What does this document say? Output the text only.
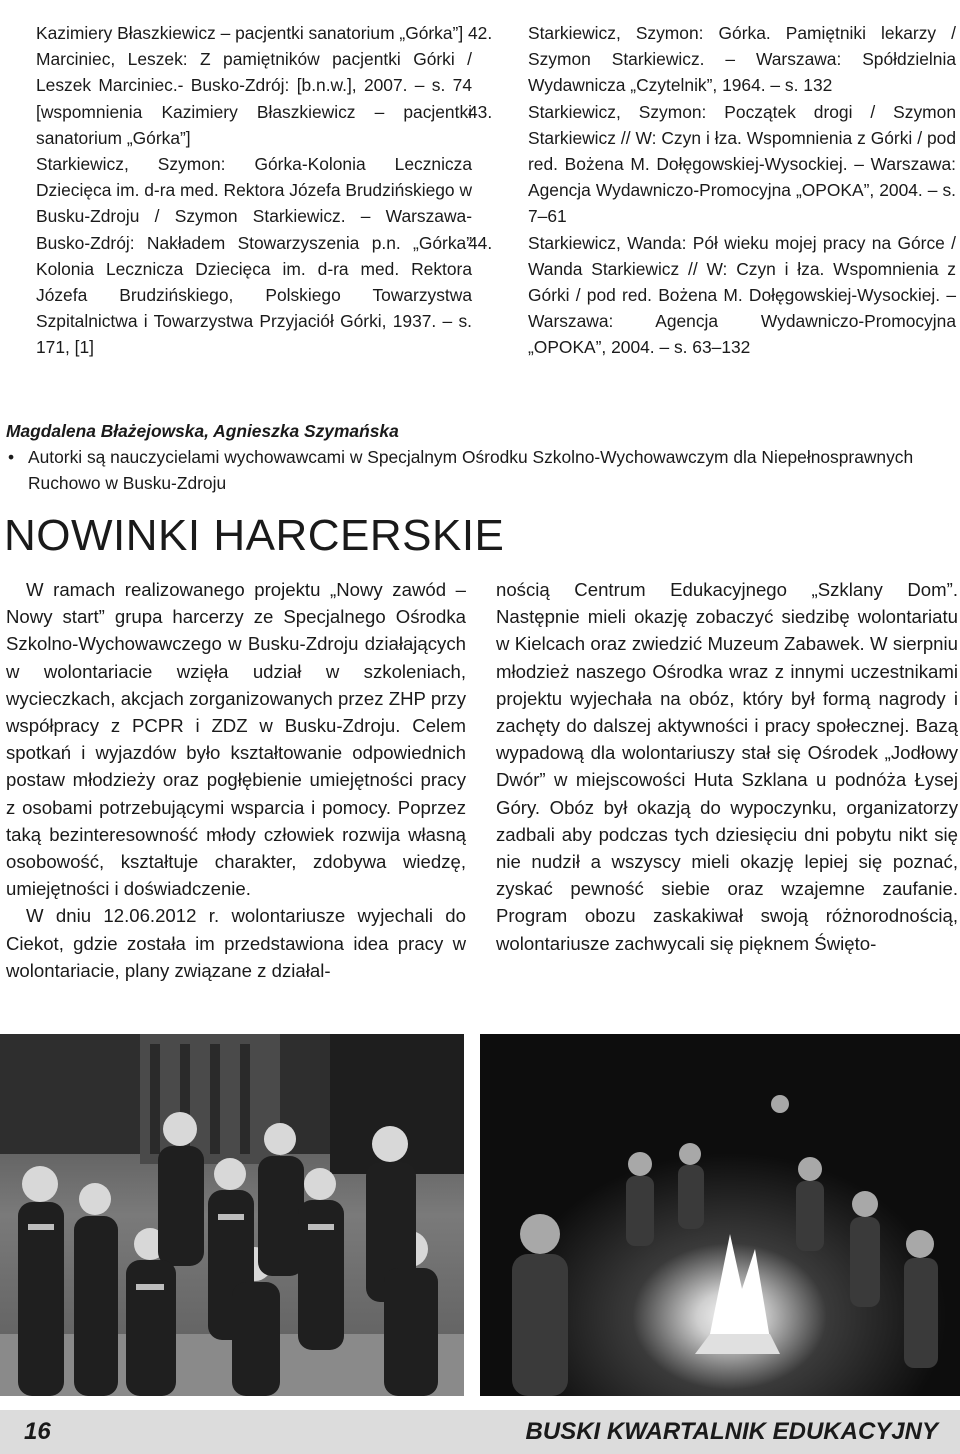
Kazimiery Błaszkiewicz – pacjentki sanatorium „Górka”]
Marciniec, Leszek: Z pamiętników pacjentki Górki / Leszek Marciniec.- Busko-Zdrój: [b.n.w.], 2007. – s. 74 [wspomnienia Kazimiery Błaszkiewicz – pacjentki sanatorium „Górka”]
Starkiewicz, Szymon: Górka-Kolonia Lecznicza Dziecięca im. d-ra med. Rektora Józefa Brudzińskiego w Busku-Zdroju / Szymon Starkiewicz. – Warszawa-Busko-Zdrój: Nakładem Stowarzyszenia p.n. „Górka” Kolonia Lecznicza Dziecięca im. d-ra med. Rektora Józefa Brudzińskiego, Polskiego Towarzystwa Szpitalnictwa i Towarzystwa Przyjaciół Górki, 1937. – s. 171, [1]
42. Starkiewicz, Szymon: Górka. Pamiętniki lekarzy / Szymon Starkiewicz. – Warszawa: Spółdzielnia Wydawnicza „Czytelnik”, 1964. – s. 132
43. Starkiewicz, Szymon: Początek drogi / Szymon Starkiewicz // W: Czyn i łza. Wspomnienia z Górki / pod red. Bożena M. Dołęgowskiej-Wysockiej. – Warszawa: Agencja Wydawniczo-Promocyjna „OPOKA”, 2004. – s. 7–61
44. Starkiewicz, Wanda: Pół wieku mojej pracy na Górce / Wanda Starkiewicz // W: Czyn i łza. Wspomnienia z Górki / pod red. Bożena M. Dołęgowskiej-Wysockiej. – Warszawa: Agencja Wydawniczo-Promocyjna „OPOKA”, 2004. – s. 63–132
Magdalena Błażejowska, Agnieszka Szymańska
• Autorki są nauczycielami wychowawcami w Specjalnym Ośrodku Szkolno-Wychowawczym dla Niepełnosprawnych Ruchowo w Busku-Zdroju
NOWINKI HARCERSKIE

W ramach realizowanego projektu „Nowy zawód – Nowy start” grupa harcerzy ze Specjalnego Ośrodka Szkolno-Wychowawczego w Busku-Zdroju działających w wolontariacie wzięła udział w szkoleniach, wycieczkach, akcjach zorganizowanych przez ZHP przy współpracy z PCPR i ZDZ w Busku-Zdroju. Celem spotkań i wyjazdów było kształtowanie odpowiednich postaw młodzieży oraz pogłębienie umiejętności pracy z osobami potrzebującymi wsparcia i pomocy. Poprzez taką bezinteresowność młody człowiek rozwija własną osobowość, kształtuje charakter, zdobywa wiedzę, umiejętności i doświadczenie.

W dniu 12.06.2012 r. wolontariusze wyjechali do Ciekot, gdzie została im przedstawiona idea pracy w wolontariacie, plany związane z działal-

nością Centrum Edukacyjnego „Szklany Dom”. Następnie mieli okazję zobaczyć siedzibę wolontariatu w Kielcach oraz zwiedzić Muzeum Zabawek. W sierpniu młodzież naszego Ośrodka wraz z innymi uczestnikami projektu wyjechała na obóz, który był formą nagrody i zachęty do dalszej aktywności i pracy społecznej. Bazą wypadową dla wolontariuszy stał się Ośrodek „Jodłowy Dwór” w miejscowości Huta Szklana u podnóża Łysej Góry. Obóz był okazją do wypoczynku, organizatorzy zadbali aby podczas tych dziesięciu dni pobytu nikt się nie nudził a wszyscy mieli okazję lepiej się poznać, zyskać pewność siebie oraz wzajemne zaufanie. Program obozu zaskakiwał swoją różnorodnością, wolontariusze zachwycali się pięknem Święto-

16	BUSKI KWARTALNIK EDUKACYJNY
